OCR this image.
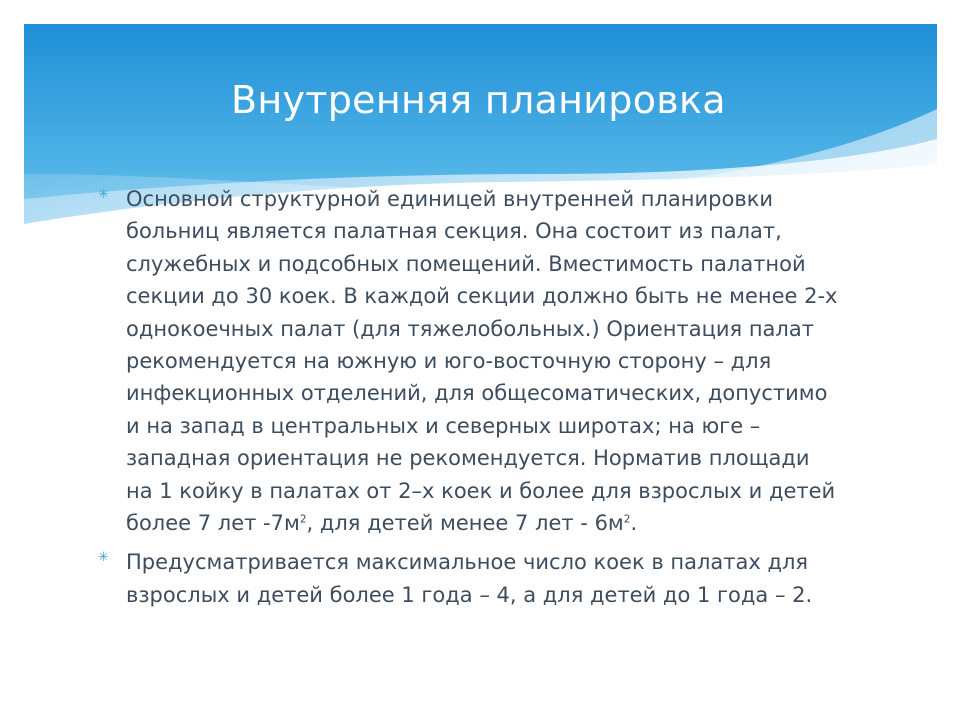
Внутренняя планировка
✳ Основной структурной единицей внутренней планировки
больниц является палатная секция. Она состоит из палат,
служебных и подсобных помещений. Вместимость палатной
секции до 30 коек. В каждой секции должно быть не менее 2-х
однокоечных палат (для тяжелобольных.) Ориентация палат
рекомендуется на южную и юго-восточную сторону – для
инфекционных отделений, для общесоматических, допустимо
и на запад в центральных и северных широтах; на юге –
западная ориентация не рекомендуется. Норматив площади
на 1 койку в палатах от 2–х коек и более для взрослых и детей
более 7 лет $-7м^2$, для детей менее 7 лет - $6м^2$.
✳ Предусматривается максимальное число коек в палатах для
взрослых и детей более 1 года – 4, а для детей до 1 года – 2.
